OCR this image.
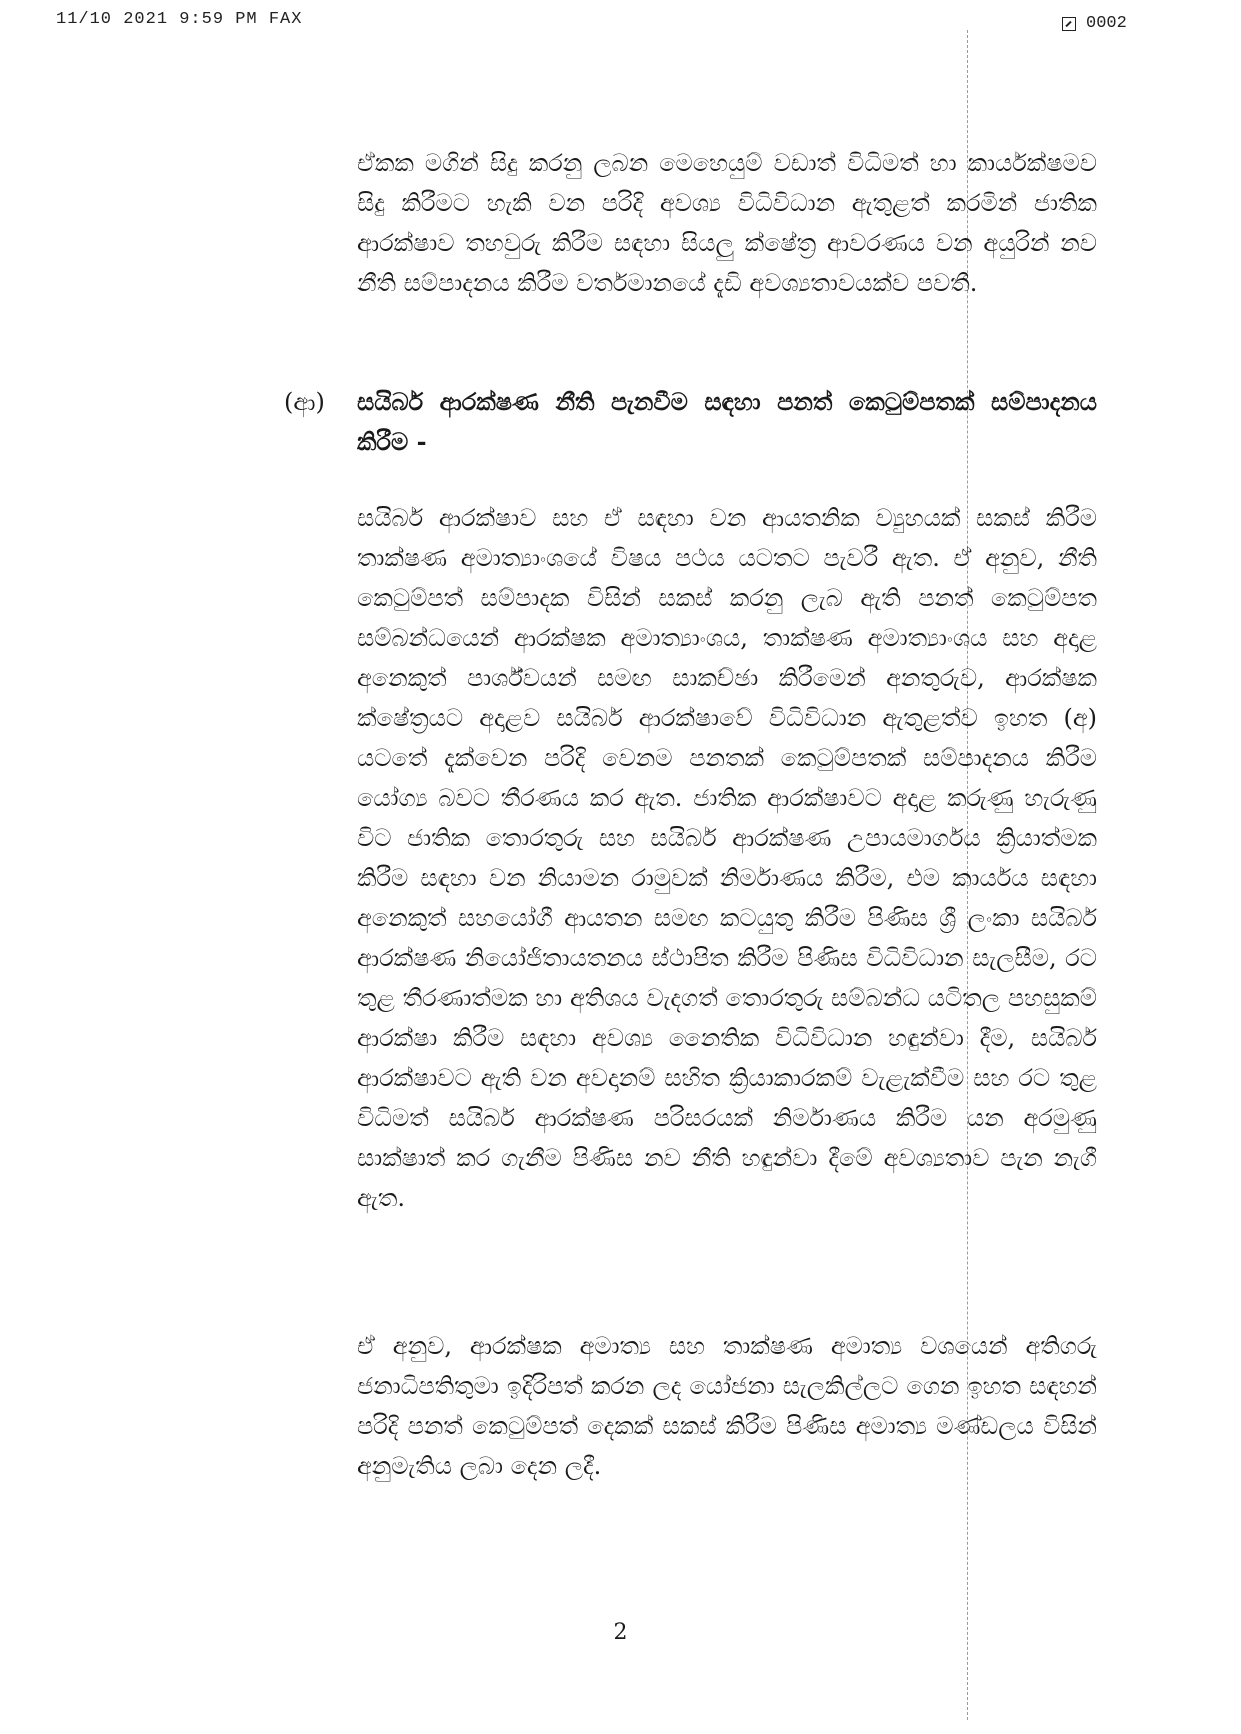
11/10 2021 9:59 PM FAX	0002

ඒකක මගින් සිදු කරනු ලබන මෙහෙයුම් වඩාත් විධිමත් හා කාර්යක්ෂමව සිදු කිරීමට හැකි වන පරිදි අවශ්‍ය විධිවිධාන ඇතුළත් කරමින් ජාතික ආරක්ෂාව තහවුරු කිරීම සඳහා සියලු ක්ෂේත්‍ර ආවරණය වන අයුරින් නව නීති සම්පාදනය කිරීම වර්තමානයේ දැඩි අවශ්‍යතාවයක්ව පවතී.

(ආ) සයිබර් ආරක්ෂණ නීති පැනවීම සඳහා පනත් කෙටුම්පතක් සම්පාදනය කිරීම -

සයිබර් ආරක්ෂාව සහ ඒ සඳහා වන ආයතනික ව්‍යුහයක් සකස් කිරීම තාක්ෂණ අමාත්‍යාංශයේ විෂය පථය යටතට පැවරී ඇත. ඒ අනුව, නීති කෙටුම්පත් සම්පාදක විසින් සකස් කරනු ලැබ ඇති පනත් කෙටුම්පත සම්බන්ධයෙන් ආරක්ෂක අමාත්‍යාංශය, තාක්ෂණ අමාත්‍යාංශය සහ අදාළ අනෙකුත් පාර්ශ්වයන් සමඟ සාකච්ඡා කිරීමෙන් අනතුරුව, ආරක්ෂක ක්ෂේත්‍රයට අදාළව සයිබර් ආරක්ෂාවේ විධිවිධාන ඇතුළත්ව ඉහත (අ) යටතේ දැක්වෙන පරිදි වෙනම පනතක් කෙටුම්පතක් සම්පාදනය කිරීම යෝග්‍ය බවට තීරණය කර ඇත. ජාතික ආරක්ෂාවට අදාළ කරුණු හැරුණු විට ජාතික තොරතුරු සහ සයිබර් ආරක්ෂණ උපායමාර්ගය ක්‍රියාත්මක කිරීම සඳහා වන නියාමන රාමුවක් නිර්මාණය කිරීම, එම කාර්යය සඳහා අනෙකුත් සහයෝගී ආයතන සමඟ කටයුතු කිරීම පිණිස ශ්‍රී ලංකා සයිබර් ආරක්ෂණ නියෝජිතායතනය ස්ථාපිත කිරීම පිණිස විධිවිධාන සැලසීම, රට තුළ තීරණාත්මක හා අතිශය වැදගත් තොරතුරු සම්බන්ධ යටිතල පහසුකම් ආරක්ෂා කිරීම සඳහා අවශ්‍ය නෛතික විධිවිධාන හඳුන්වා දීම, සයිබර් ආරක්ෂාවට ඇති වන අවදානම් සහිත ක්‍රියාකාරකම් වැළැක්වීම සහ රට තුළ විධිමත් සයිබර් ආරක්ෂණ පරිසරයක් නිර්මාණය කිරීම යන අරමුණු සාක්ෂාත් කර ගැනීම පිණිස නව නීති හඳුන්වා දීමේ අවශ්‍යතාව පැන නැගී ඇත.

ඒ අනුව, ආරක්ෂක අමාත්‍ය සහ තාක්ෂණ අමාත්‍ය වශයෙන් අතිගරු ජනාධිපතිතුමා ඉදිරිපත් කරන ලද යෝජනා සැලකිල්ලට ගෙන ඉහත සඳහන් පරිදි පනත් කෙටුම්පත් දෙකක් සකස් කිරීම පිණිස අමාත්‍ය මණ්ඩලය විසින් අනුමැතිය ලබා දෙන ලදී.

2
